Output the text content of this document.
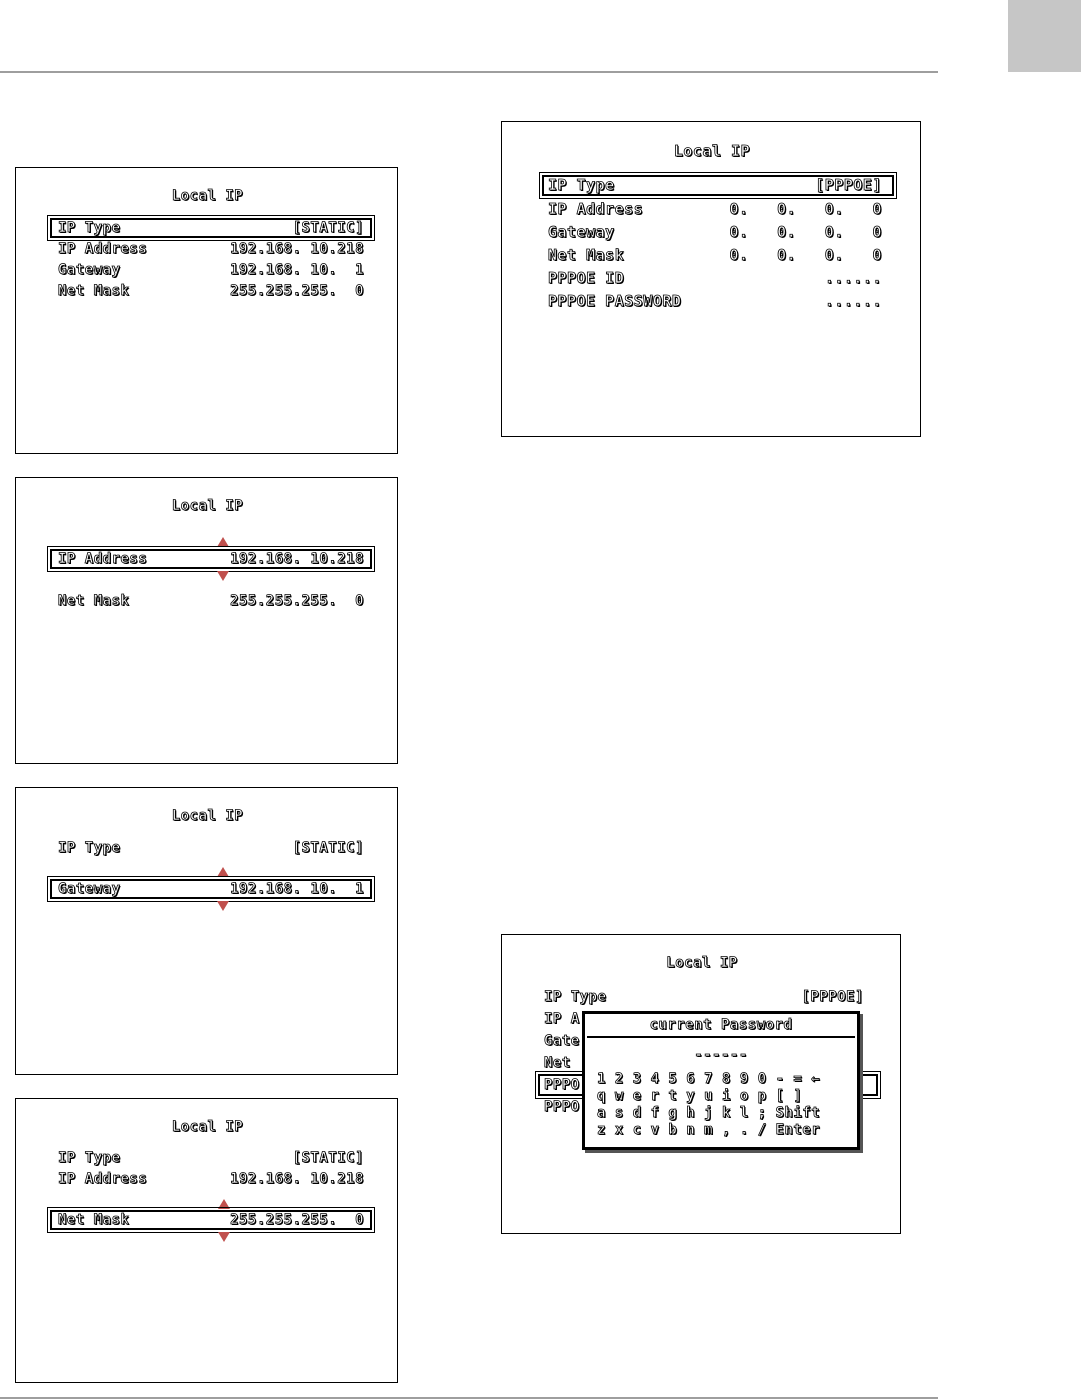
Local IP
IP Type	[STATIC]
IP Address	192.168. 10.218
Gateway	192.168. 10.  1
Net Mask	255.255.255.  0
Local IP
IP Address	192.168. 10.218
Net Mask	255.255.255.  0
Local IP
IP Type	[STATIC]
Gateway	192.168. 10.  1
Local IP
IP Type	[STATIC]
IP Address	192.168. 10.218
Net Mask	255.255.255.  0
Local IP
IP Type	[PPPOE]
IP Address	0.   0.   0.   0
Gateway	0.   0.   0.   0
Net Mask	0.   0.   0.   0
PPPOE ID	......
PPPOE PASSWORD	......
Local IP
IP Type	[PPPOE]
IP A
Gate
Net
PPPO
PPPO
current Password
------
1 2 3 4 5 6 7 8 9 0 - = ←
q w e r t y u i o p [ ]
a s d f g h j k l ; Shift
z x c v b n m , . / Enter
